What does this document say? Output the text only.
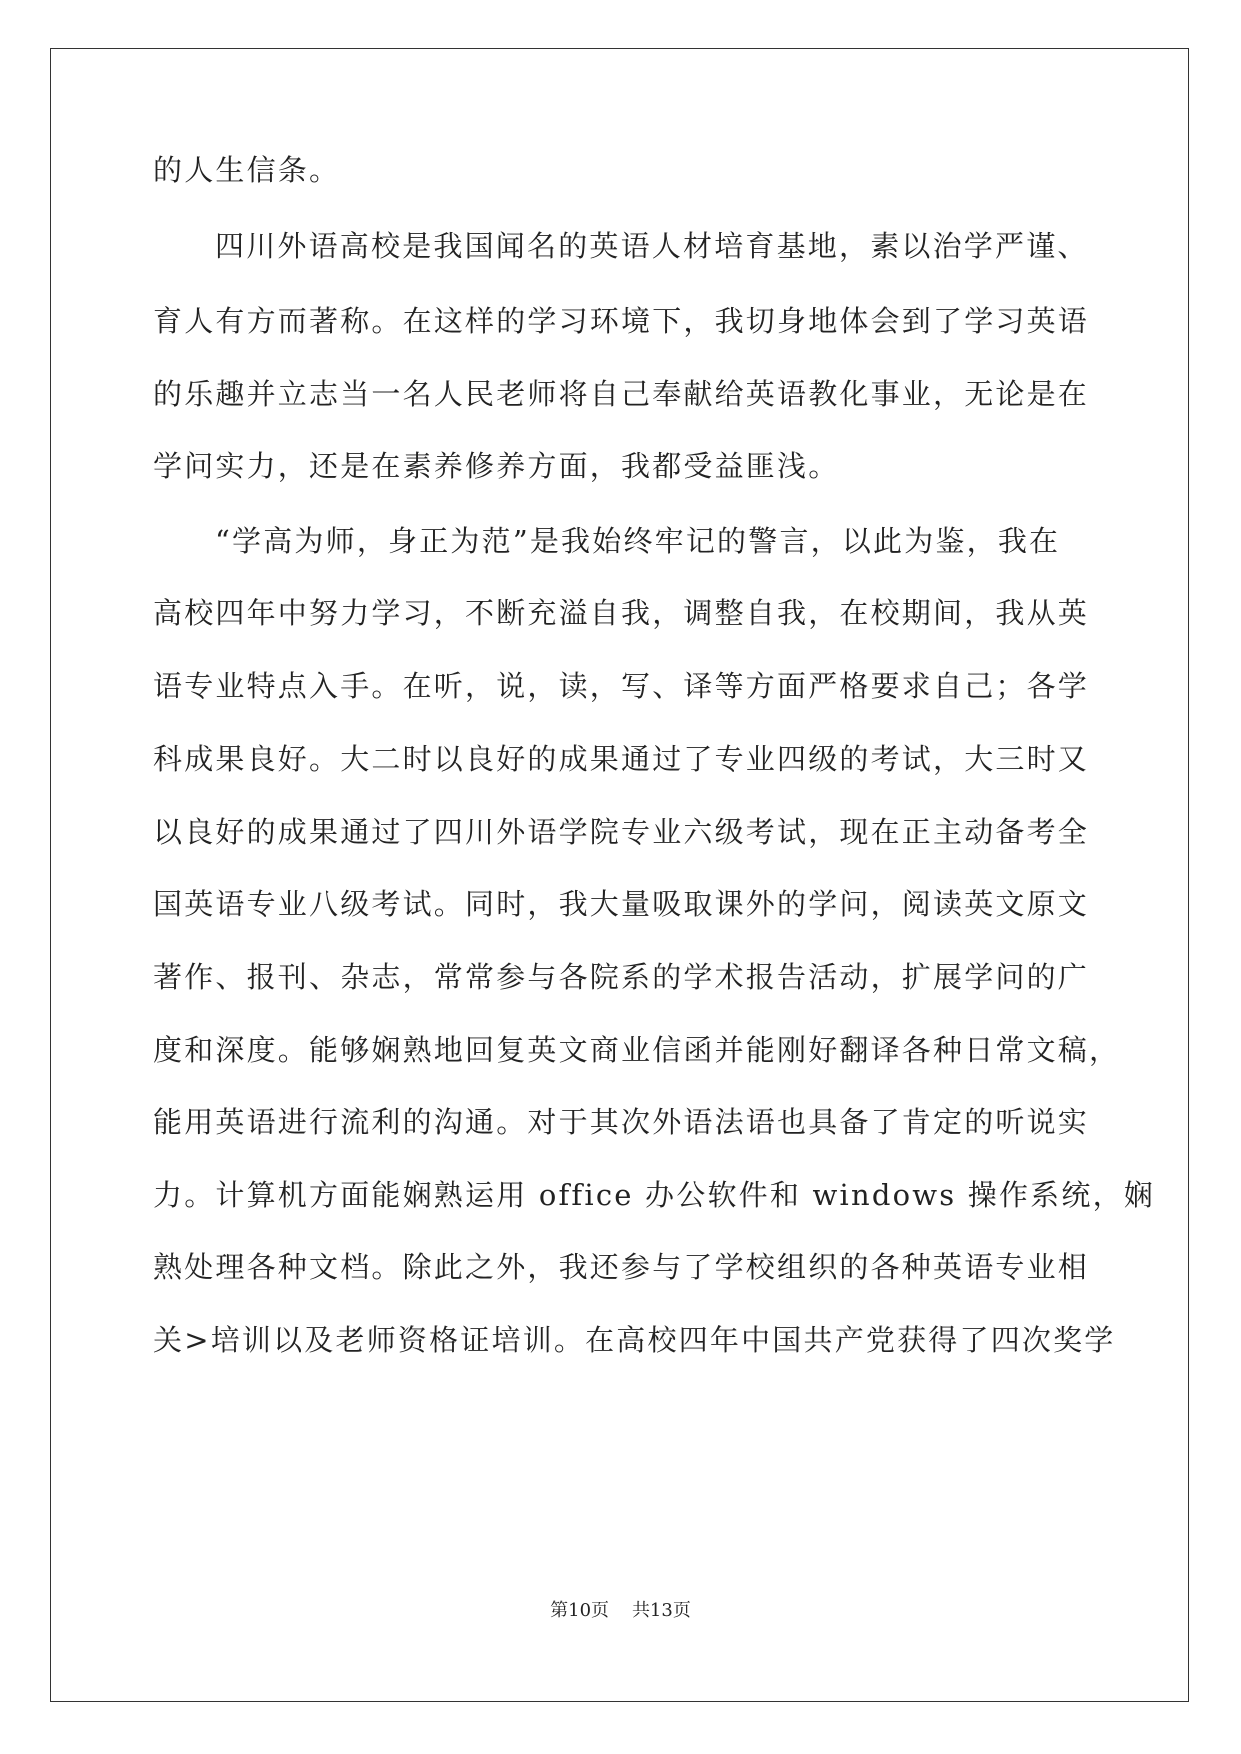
的人生信条。
四川外语高校是我国闻名的英语人材培育基地，素以治学严谨、
育人有方而著称。在这样的学习环境下，我切身地体会到了学习英语
的乐趣并立志当一名人民老师将自己奉献给英语教化事业，无论是在
学问实力，还是在素养修养方面，我都受益匪浅。
“学高为师，身正为范”是我始终牢记的警言，以此为鉴，我在
高校四年中努力学习，不断充溢自我，调整自我，在校期间，我从英
语专业特点入手。在听，说，读，写、译等方面严格要求自己；各学
科成果良好。大二时以良好的成果通过了专业四级的考试，大三时又
以良好的成果通过了四川外语学院专业六级考试，现在正主动备考全
国英语专业八级考试。同时，我大量吸取课外的学问，阅读英文原文
著作、报刊、杂志，常常参与各院系的学术报告活动，扩展学问的广
度和深度。能够娴熟地回复英文商业信函并能刚好翻译各种日常文稿，
能用英语进行流利的沟通。对于其次外语法语也具备了肯定的听说实
力。计算机方面能娴熟运用 office 办公软件和 windows 操作系统，娴
熟处理各种文档。除此之外，我还参与了学校组织的各种英语专业相
关>培训以及老师资格证培训。在高校四年中国共产党获得了四次奖学
第10页 共13页
